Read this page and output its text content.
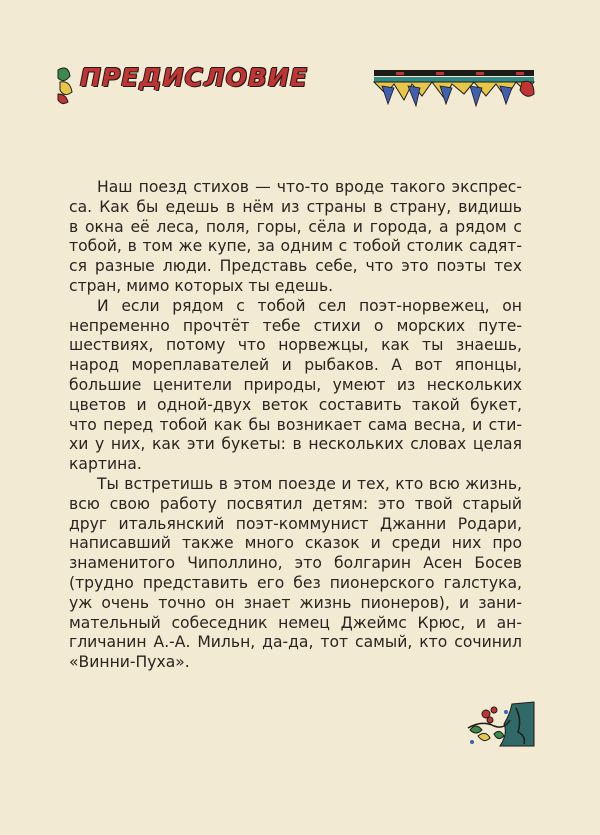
ПРЕДИСЛОВИЕ
Наш поезд стихов — что-то вроде такого экспрес-
са. Как бы едешь в нём из страны в страну, видишь
в окна её леса, поля, горы, сёла и города, а рядом с
тобой, в том же купе, за одним с тобой столик садят-
ся разные люди. Представь себе, что это поэты тех
стран, мимо которых ты едешь.
И если рядом с тобой сел поэт-норвежец, он
непременно прочтёт тебе стихи о морских путе-
шествиях, потому что норвежцы, как ты знаешь,
народ мореплавателей и рыбаков. А вот японцы,
большие ценители природы, умеют из нескольких
цветов и одной-двух веток составить такой букет,
что перед тобой как бы возникает сама весна, и сти-
хи у них, как эти букеты: в нескольких словах целая
картина.
Ты встретишь в этом поезде и тех, кто всю жизнь,
всю свою работу посвятил детям: это твой старый
друг итальянский поэт-коммунист Джанни Родари,
написавший также много сказок и среди них про
знаменитого Чиполлино, это болгарин Асен Босев
(трудно представить его без пионерского галстука,
уж очень точно он знает жизнь пионеров), и зани-
мательный собеседник немец Джеймс Крюс, и ан-
гличанин А.-А. Мильн, да-да, тот самый, кто сочинил
«Винни-Пуха».
